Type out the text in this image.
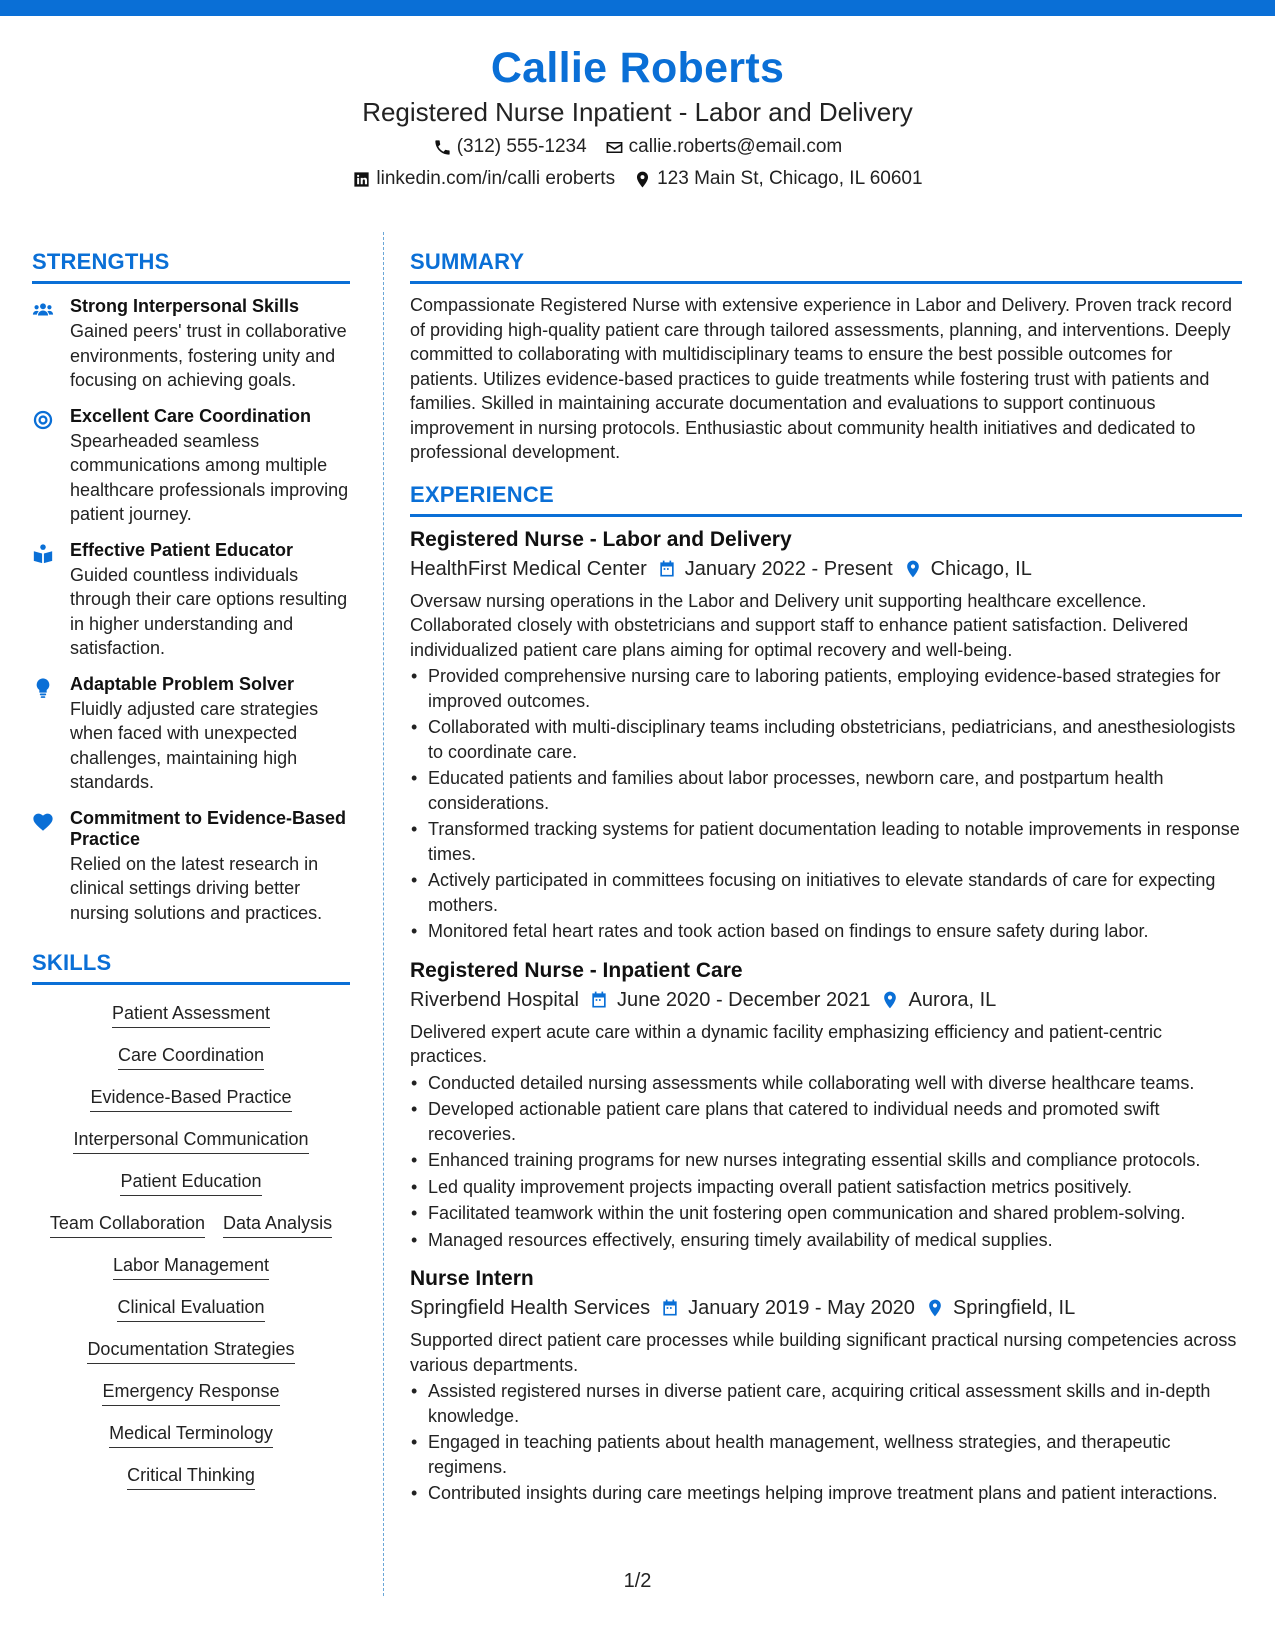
Callie Roberts
Registered Nurse Inpatient - Labor and Delivery
(312) 555-1234 callie.roberts@email.com
linkedin.com/in/calli eroberts 123 Main St, Chicago, IL 60601
STRENGTHS
Strong Interpersonal Skills
Gained peers' trust in collaborative environments, fostering unity and focusing on achieving goals.
Excellent Care Coordination
Spearheaded seamless communications among multiple healthcare professionals improving patient journey.
Effective Patient Educator
Guided countless individuals through their care options resulting in higher understanding and satisfaction.
Adaptable Problem Solver
Fluidly adjusted care strategies when faced with unexpected challenges, maintaining high standards.
Commitment to Evidence-Based Practice
Relied on the latest research in clinical settings driving better nursing solutions and practices.
SKILLS
Patient Assessment
Care Coordination
Evidence-Based Practice
Interpersonal Communication
Patient Education
Team Collaboration Data Analysis
Labor Management
Clinical Evaluation
Documentation Strategies
Emergency Response
Medical Terminology
Critical Thinking
SUMMARY
Compassionate Registered Nurse with extensive experience in Labor and Delivery. Proven track record of providing high-quality patient care through tailored assessments, planning, and interventions. Deeply committed to collaborating with multidisciplinary teams to ensure the best possible outcomes for patients. Utilizes evidence-based practices to guide treatments while fostering trust with patients and families. Skilled in maintaining accurate documentation and evaluations to support continuous improvement in nursing protocols. Enthusiastic about community health initiatives and dedicated to professional development.
EXPERIENCE
Registered Nurse - Labor and Delivery
HealthFirst Medical Center January 2022 - Present Chicago, IL
Oversaw nursing operations in the Labor and Delivery unit supporting healthcare excellence. Collaborated closely with obstetricians and support staff to enhance patient satisfaction. Delivered individualized patient care plans aiming for optimal recovery and well-being.
• Provided comprehensive nursing care to laboring patients, employing evidence-based strategies for improved outcomes.
• Collaborated with multi-disciplinary teams including obstetricians, pediatricians, and anesthesiologists to coordinate care.
• Educated patients and families about labor processes, newborn care, and postpartum health considerations.
• Transformed tracking systems for patient documentation leading to notable improvements in response times.
• Actively participated in committees focusing on initiatives to elevate standards of care for expecting mothers.
• Monitored fetal heart rates and took action based on findings to ensure safety during labor.
Registered Nurse - Inpatient Care
Riverbend Hospital June 2020 - December 2021 Aurora, IL
Delivered expert acute care within a dynamic facility emphasizing efficiency and patient-centric practices.
• Conducted detailed nursing assessments while collaborating well with diverse healthcare teams.
• Developed actionable patient care plans that catered to individual needs and promoted swift recoveries.
• Enhanced training programs for new nurses integrating essential skills and compliance protocols.
• Led quality improvement projects impacting overall patient satisfaction metrics positively.
• Facilitated teamwork within the unit fostering open communication and shared problem-solving.
• Managed resources effectively, ensuring timely availability of medical supplies.
Nurse Intern
Springfield Health Services January 2019 - May 2020 Springfield, IL
Supported direct patient care processes while building significant practical nursing competencies across various departments.
• Assisted registered nurses in diverse patient care, acquiring critical assessment skills and in-depth knowledge.
• Engaged in teaching patients about health management, wellness strategies, and therapeutic regimens.
• Contributed insights during care meetings helping improve treatment plans and patient interactions.
1/2
